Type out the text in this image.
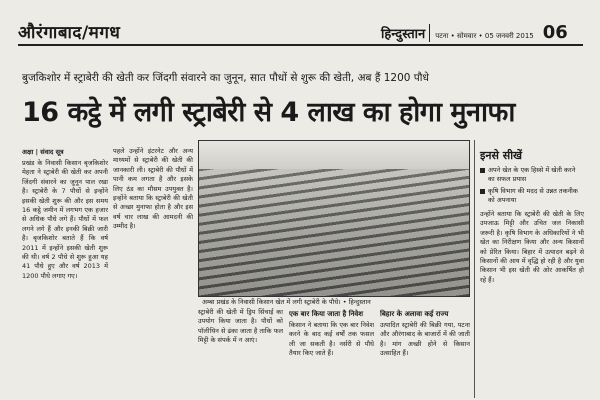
औरंगाबाद/मगध	हिन्दुस्तान	पटना • सोमवार • 05 जनवरी 2015 06
बुजकिशोर में स्ट्राबेरी की खेती कर जिंदगी संवारने का जुनून, सात पौधों से शुरू की खेती, अब हैं 1200 पौधे
16 कट्ठे में लगी स्ट्राबेरी से 4 लाख का होगा मुनाफा
अक्षा | संवाद सूत्र
प्रखंड के निवासी किसान बृजकिशोर मेहता ने स्ट्राबेरी की खेती कर अपनी जिंदगी संवारने का जुनून पाल रखा है। स्ट्राबेरी के 7 पौधों से इन्होंने इसकी खेती शुरू की और इस समय 16 कट्ठे जमीन में लगभग एक हजार से अधिक पौधे लगे हैं। पौधों में फल लगने लगे हैं और इनकी बिक्री जारी है। बृजकिशोर बताते हैं कि वर्ष 2011 में इन्होंने इसकी खेती शुरू की थी। वर्ष 2 पौधे से शुरू हुआ यह 41 पौधे हुए और वर्ष 2013 में 1200 पौधे लगाए गए।
पहले उन्होंने इंटरनेट और अन्य माध्यमों से स्ट्राबेरी की खेती की जानकारी ली। स्ट्राबेरी की पौधों में पानी कम लगता है और इसके लिए ठंड का मौसम उपयुक्त है। इन्होंने बताया कि स्ट्राबेरी की खेती से अच्छा मुनाफा होता है और इस वर्ष चार लाख की आमदनी की उम्मीद है।
अम्बा प्रखंड के निवासी किसान खेत में लगी स्ट्राबेरी के पौधे। • हिन्दुस्तान
स्ट्राबेरी की खेती में ड्रिप सिंचाई का उपयोग किया जाता है। पौधों को पॉलीथिन से ढंका जाता है ताकि फल मिट्टी के संपर्क में न आएं।
एक बार किया जाता है निवेश
किसान ने बताया कि एक बार निवेश करने के बाद कई वर्षों तक फसल ली जा सकती है। नर्सरी से पौधे तैयार किए जाते हैं।
बिहार के अलावा कई राज्य
उत्पादित स्ट्राबेरी की बिक्री गया, पटना और औरंगाबाद के बाजारों में की जाती है। मांग अच्छी होने से किसान उत्साहित हैं।
इनसे सीखें
अपने खेत के एक हिस्से में खेती करने का सफल प्रयास
कृषि विभाग की मदद से उन्नत तकनीक को अपनाया
उन्होंने बताया कि स्ट्राबेरी की खेती के लिए उपजाऊ मिट्टी और उचित जल निकासी जरूरी है। कृषि विभाग के अधिकारियों ने भी खेत का निरीक्षण किया और अन्य किसानों को प्रेरित किया। बिहार में उत्पादन बढ़ने से किसानों की आय में वृद्धि हो रही है और युवा किसान भी इस खेती की ओर आकर्षित हो रहे हैं।
